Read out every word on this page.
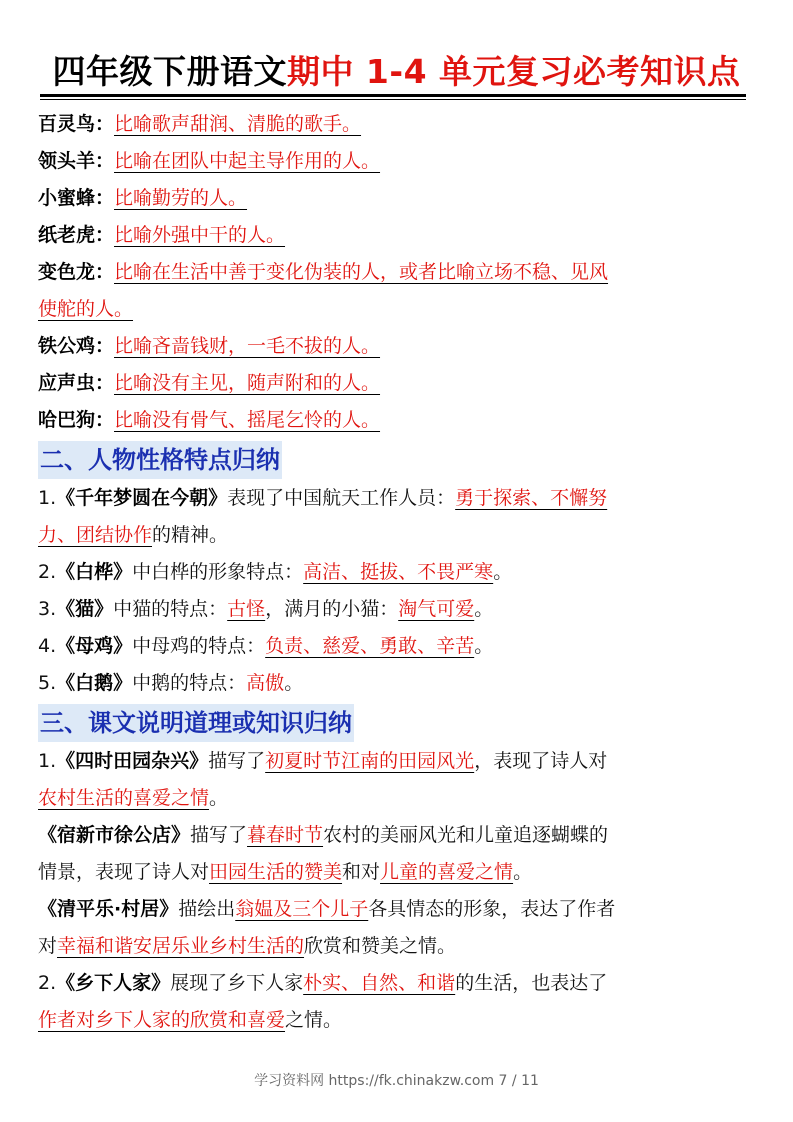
四年级下册语文期中 1-4 单元复习必考知识点
百灵鸟：比喻歌声甜润、清脆的歌手。
领头羊：比喻在团队中起主导作用的人。
小蜜蜂：比喻勤劳的人。
纸老虎：比喻外强中干的人。
变色龙：比喻在生活中善于变化伪装的人，或者比喻立场不稳、见风
使舵的人。
铁公鸡：比喻吝啬钱财，一毛不拔的人。
应声虫：比喻没有主见，随声附和的人。
哈巴狗：比喻没有骨气、摇尾乞怜的人。
二、人物性格特点归纳
1.《千年梦圆在今朝》表现了中国航天工作人员：勇于探索、不懈努
力、团结协作的精神。
2.《白桦》中白桦的形象特点：高洁、挺拔、不畏严寒。
3.《猫》中猫的特点：古怪，满月的小猫：淘气可爱。
4.《母鸡》中母鸡的特点：负责、慈爱、勇敢、辛苦。
5.《白鹅》中鹅的特点：高傲。
三、课文说明道理或知识归纳
1.《四时田园杂兴》描写了初夏时节江南的田园风光，表现了诗人对
农村生活的喜爱之情。
《宿新市徐公店》描写了暮春时节农村的美丽风光和儿童追逐蝴蝶的
情景，表现了诗人对田园生活的赞美和对儿童的喜爱之情。
《清平乐·村居》描绘出翁媪及三个儿子各具情态的形象，表达了作者
对幸福和谐安居乐业乡村生活的欣赏和赞美之情。
2.《乡下人家》展现了乡下人家朴实、自然、和谐的生活，也表达了
作者对乡下人家的欣赏和喜爱之情。
学习资料网 https://fk.chinakzw.com 7 / 11
